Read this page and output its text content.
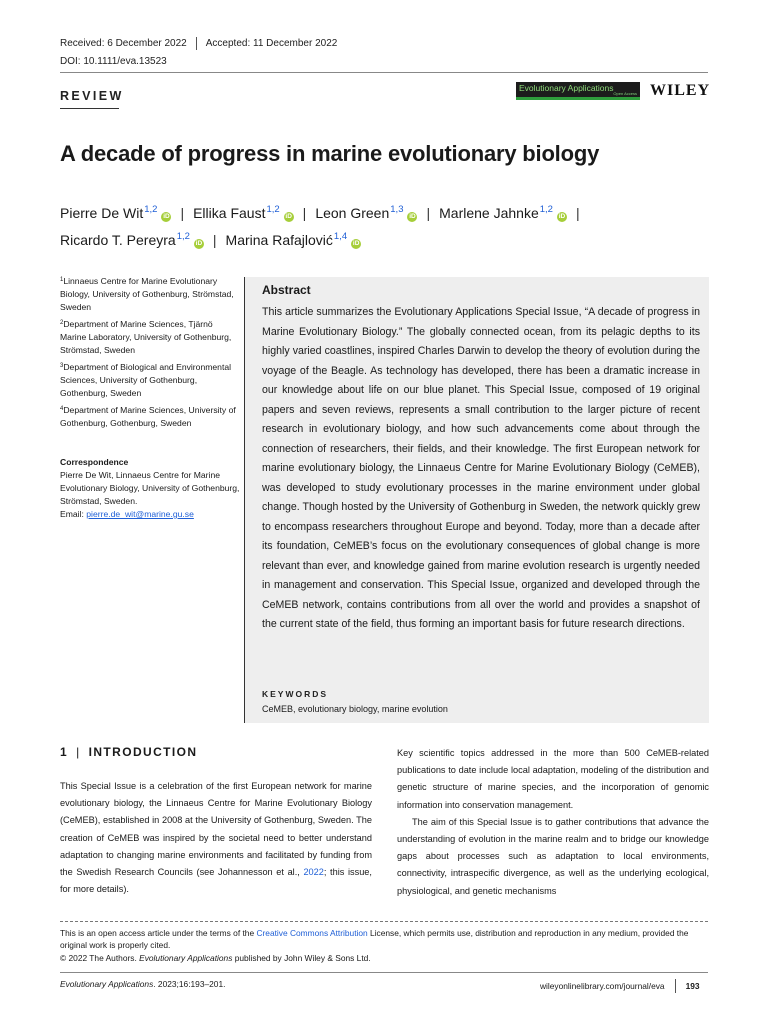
Received: 6 December 2022 Accepted: 11 December 2022
DOI: 10.1111/eva.13523
REVIEW
Evolutionary Applications
Open Access WILEY
A decade of progress in marine evolutionary biology
Pierre De Wit$^{1,2}$iD | Ellika Faust$^{1,2}$iD | Leon Green$^{1,3}$iD | Marlene Jahnke$^{1,2}$iD |
Ricardo T. Pereyra$^{1,2}$iD | Marina Rafajlović$^{1,4}$iD
$^1$Linnaeus Centre for Marine Evolutionary Biology, University of Gothenburg, Strömstad, Sweden
$^2$Department of Marine Sciences, Tjärnö Marine Laboratory, University of Gothenburg, Strömstad, Sweden
$^3$Department of Biological and Environmental Sciences, University of Gothenburg, Gothenburg, Sweden
$^4$Department of Marine Sciences, University of Gothenburg, Gothenburg, Sweden
Correspondence
Pierre De Wit, Linnaeus Centre for Marine Evolutionary Biology, University of Gothenburg, Strömstad, Sweden.
Email: pierre.de_wit@marine.gu.se
Abstract
This article summarizes the Evolutionary Applications Special Issue, “A decade of progress in Marine Evolutionary Biology.” The globally connected ocean, from its pelagic depths to its highly varied coastlines, inspired Charles Darwin to develop the theory of evolution during the voyage of the Beagle. As technology has developed, there has been a dramatic increase in our knowledge about life on our blue planet. This Special Issue, composed of 19 original papers and seven reviews, represents a small contribution to the larger picture of recent research in evolutionary biology, and how such advancements come about through the connection of researchers, their fields, and their knowledge. The first European network for marine evolutionary biology, the Linnaeus Centre for Marine Evolutionary Biology (CeMEB), was developed to study evolutionary processes in the marine environment under global change. Though hosted by the University of Gothenburg in Sweden, the network quickly grew to encompass researchers throughout Europe and beyond. Today, more than a decade after its foundation, CeMEB’s focus on the evolutionary consequences of global change is more relevant than ever, and knowledge gained from marine evolution research is urgently needed in management and conservation. This Special Issue, organized and developed through the CeMEB network, contains contributions from all over the world and provides a snapshot of the current state of the field, thus forming an important basis for future research directions.
KEYWORDS
CeMEB, evolutionary biology, marine evolution
1 | INTRODUCTION
This Special Issue is a celebration of the first European network for marine evolutionary biology, the Linnaeus Centre for Marine Evolutionary Biology (CeMEB), established in 2008 at the University of Gothenburg, Sweden. The creation of CeMEB was inspired by the societal need to better understand adaptation to changing marine environments and facilitated by funding from the Swedish Research Councils (see Johannesson et al., 2022; this issue, for more details).

Key scientific topics addressed in the more than 500 CeMEB-related publications to date include local adaptation, modeling of the distribution and genetic structure of marine species, and the incorporation of genomic information into conservation management.

The aim of this Special Issue is to gather contributions that advance the understanding of evolution in the marine realm and to bridge our knowledge gaps about processes such as adaptation to local environments, connectivity, intraspecific divergence, as well as the underlying ecological, physiological, and genetic mechanisms

This is an open access article under the terms of the Creative Commons Attribution License, which permits use, distribution and reproduction in any medium, provided the original work is properly cited.
© 2022 The Authors. Evolutionary Applications published by John Wiley & Sons Ltd.
Evolutionary Applications. 2023;16:193–201.	wileyonlinelibrary.com/journal/eva	193
